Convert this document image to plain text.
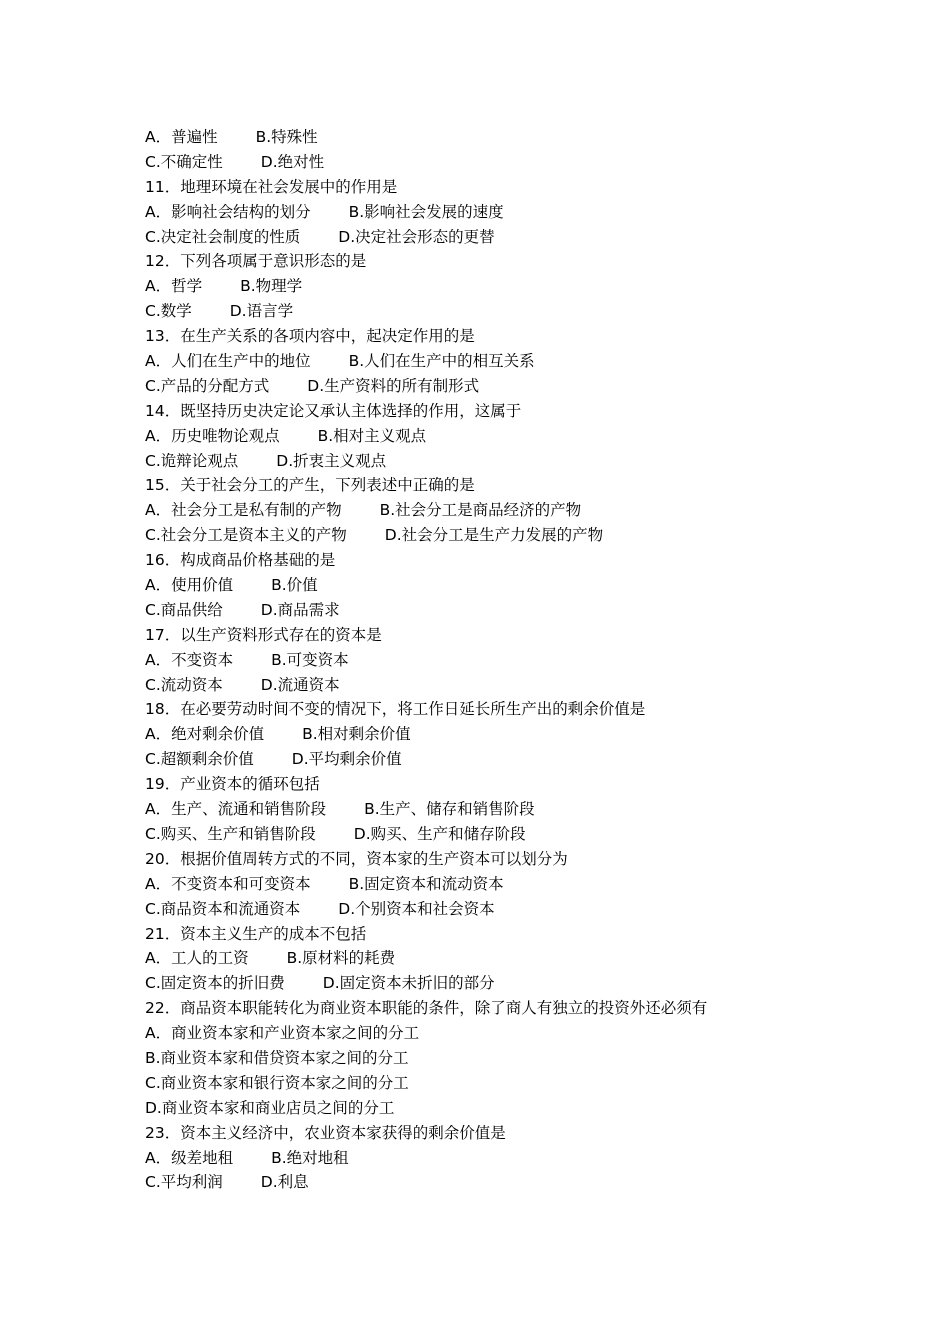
A．普遍性 B.特殊性
C.不确定性 D.绝对性
11．地理环境在社会发展中的作用是
A．影响社会结构的划分 B.影响社会发展的速度
C.决定社会制度的性质 D.决定社会形态的更替
12．下列各项属于意识形态的是
A．哲学 B.物理学
C.数学 D.语言学
13．在生产关系的各项内容中，起决定作用的是
A．人们在生产中的地位 B.人们在生产中的相互关系
C.产品的分配方式 D.生产资料的所有制形式
14．既坚持历史决定论又承认主体选择的作用，这属于
A．历史唯物论观点 B.相对主义观点
C.诡辩论观点 D.折衷主义观点
15．关于社会分工的产生，下列表述中正确的是
A．社会分工是私有制的产物 B.社会分工是商品经济的产物
C.社会分工是资本主义的产物 D.社会分工是生产力发展的产物
16．构成商品价格基础的是
A．使用价值 B.价值
C.商品供给 D.商品需求
17．以生产资料形式存在的资本是
A．不变资本 B.可变资本
C.流动资本 D.流通资本
18．在必要劳动时间不变的情况下，将工作日延长所生产出的剩余价值是
A．绝对剩余价值 B.相对剩余价值
C.超额剩余价值 D.平均剩余价值
19．产业资本的循环包括
A．生产、流通和销售阶段 B.生产、储存和销售阶段
C.购买、生产和销售阶段 D.购买、生产和储存阶段
20．根据价值周转方式的不同，资本家的生产资本可以划分为
A．不变资本和可变资本 B.固定资本和流动资本
C.商品资本和流通资本 D.个别资本和社会资本
21．资本主义生产的成本不包括
A．工人的工资 B.原材料的耗费
C.固定资本的折旧费 D.固定资本未折旧的部分
22．商品资本职能转化为商业资本职能的条件，除了商人有独立的投资外还必须有
A．商业资本家和产业资本家之间的分工
B.商业资本家和借贷资本家之间的分工
C.商业资本家和银行资本家之间的分工
D.商业资本家和商业店员之间的分工
23．资本主义经济中，农业资本家获得的剩余价值是
A．级差地租 B.绝对地租
C.平均利润 D.利息
